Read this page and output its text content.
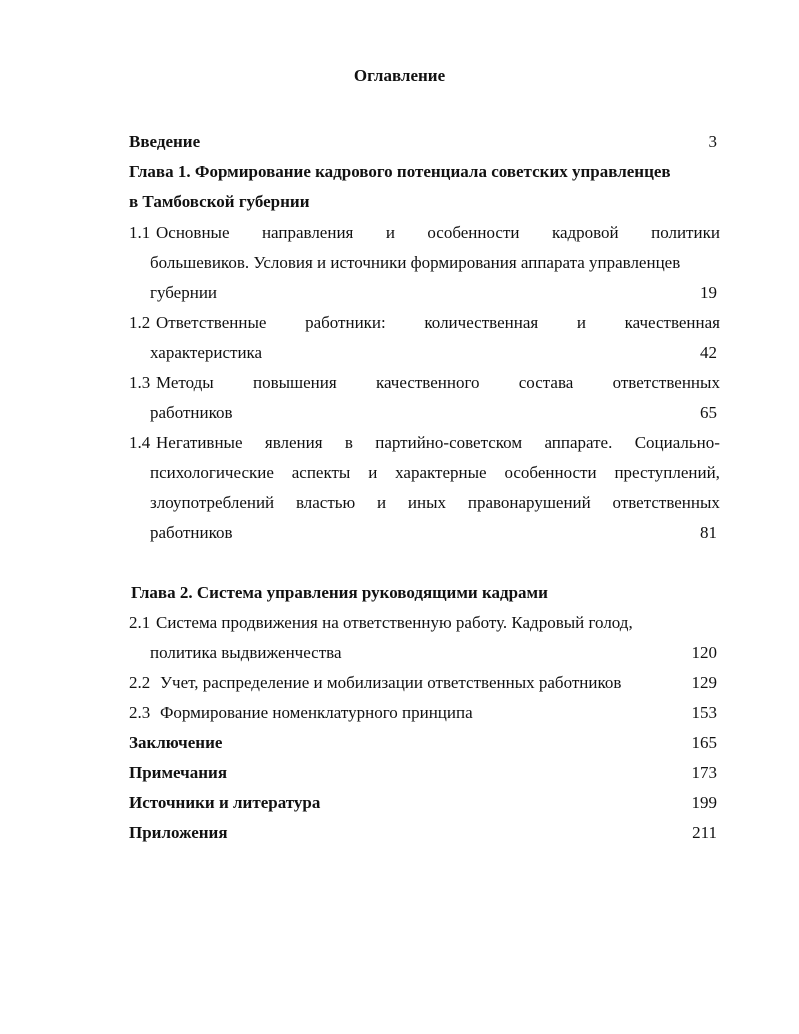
Оглавление
Введение	3
Глава 1. Формирование кадрового потенциала советских управленцев
в Тамбовской губернии
1.1 Основные направления и особенности кадровой политики
большевиков. Условия и источники формирования аппарата управленцев
губернии	19
1.2 Ответственные работники: количественная и качественная
характеристика	42
1.3 Методы повышения качественного состава ответственных
работников	65
1.4 Негативные явления в партийно-советском аппарате. Социально-
психологические аспекты и характерные особенности преступлений,
злоупотреблений властью и иных правонарушений ответственных
работников	81
Глава 2. Система управления руководящими кадрами
2.1 Система продвижения на ответственную работу. Кадровый голод,
политика выдвиженчества	120
2.2 Учет, распределение и мобилизации ответственных работников	129
2.3 Формирование номенклатурного принципа	153
Заключение	165
Примечания	173
Источники и литература	199
Приложения	211
